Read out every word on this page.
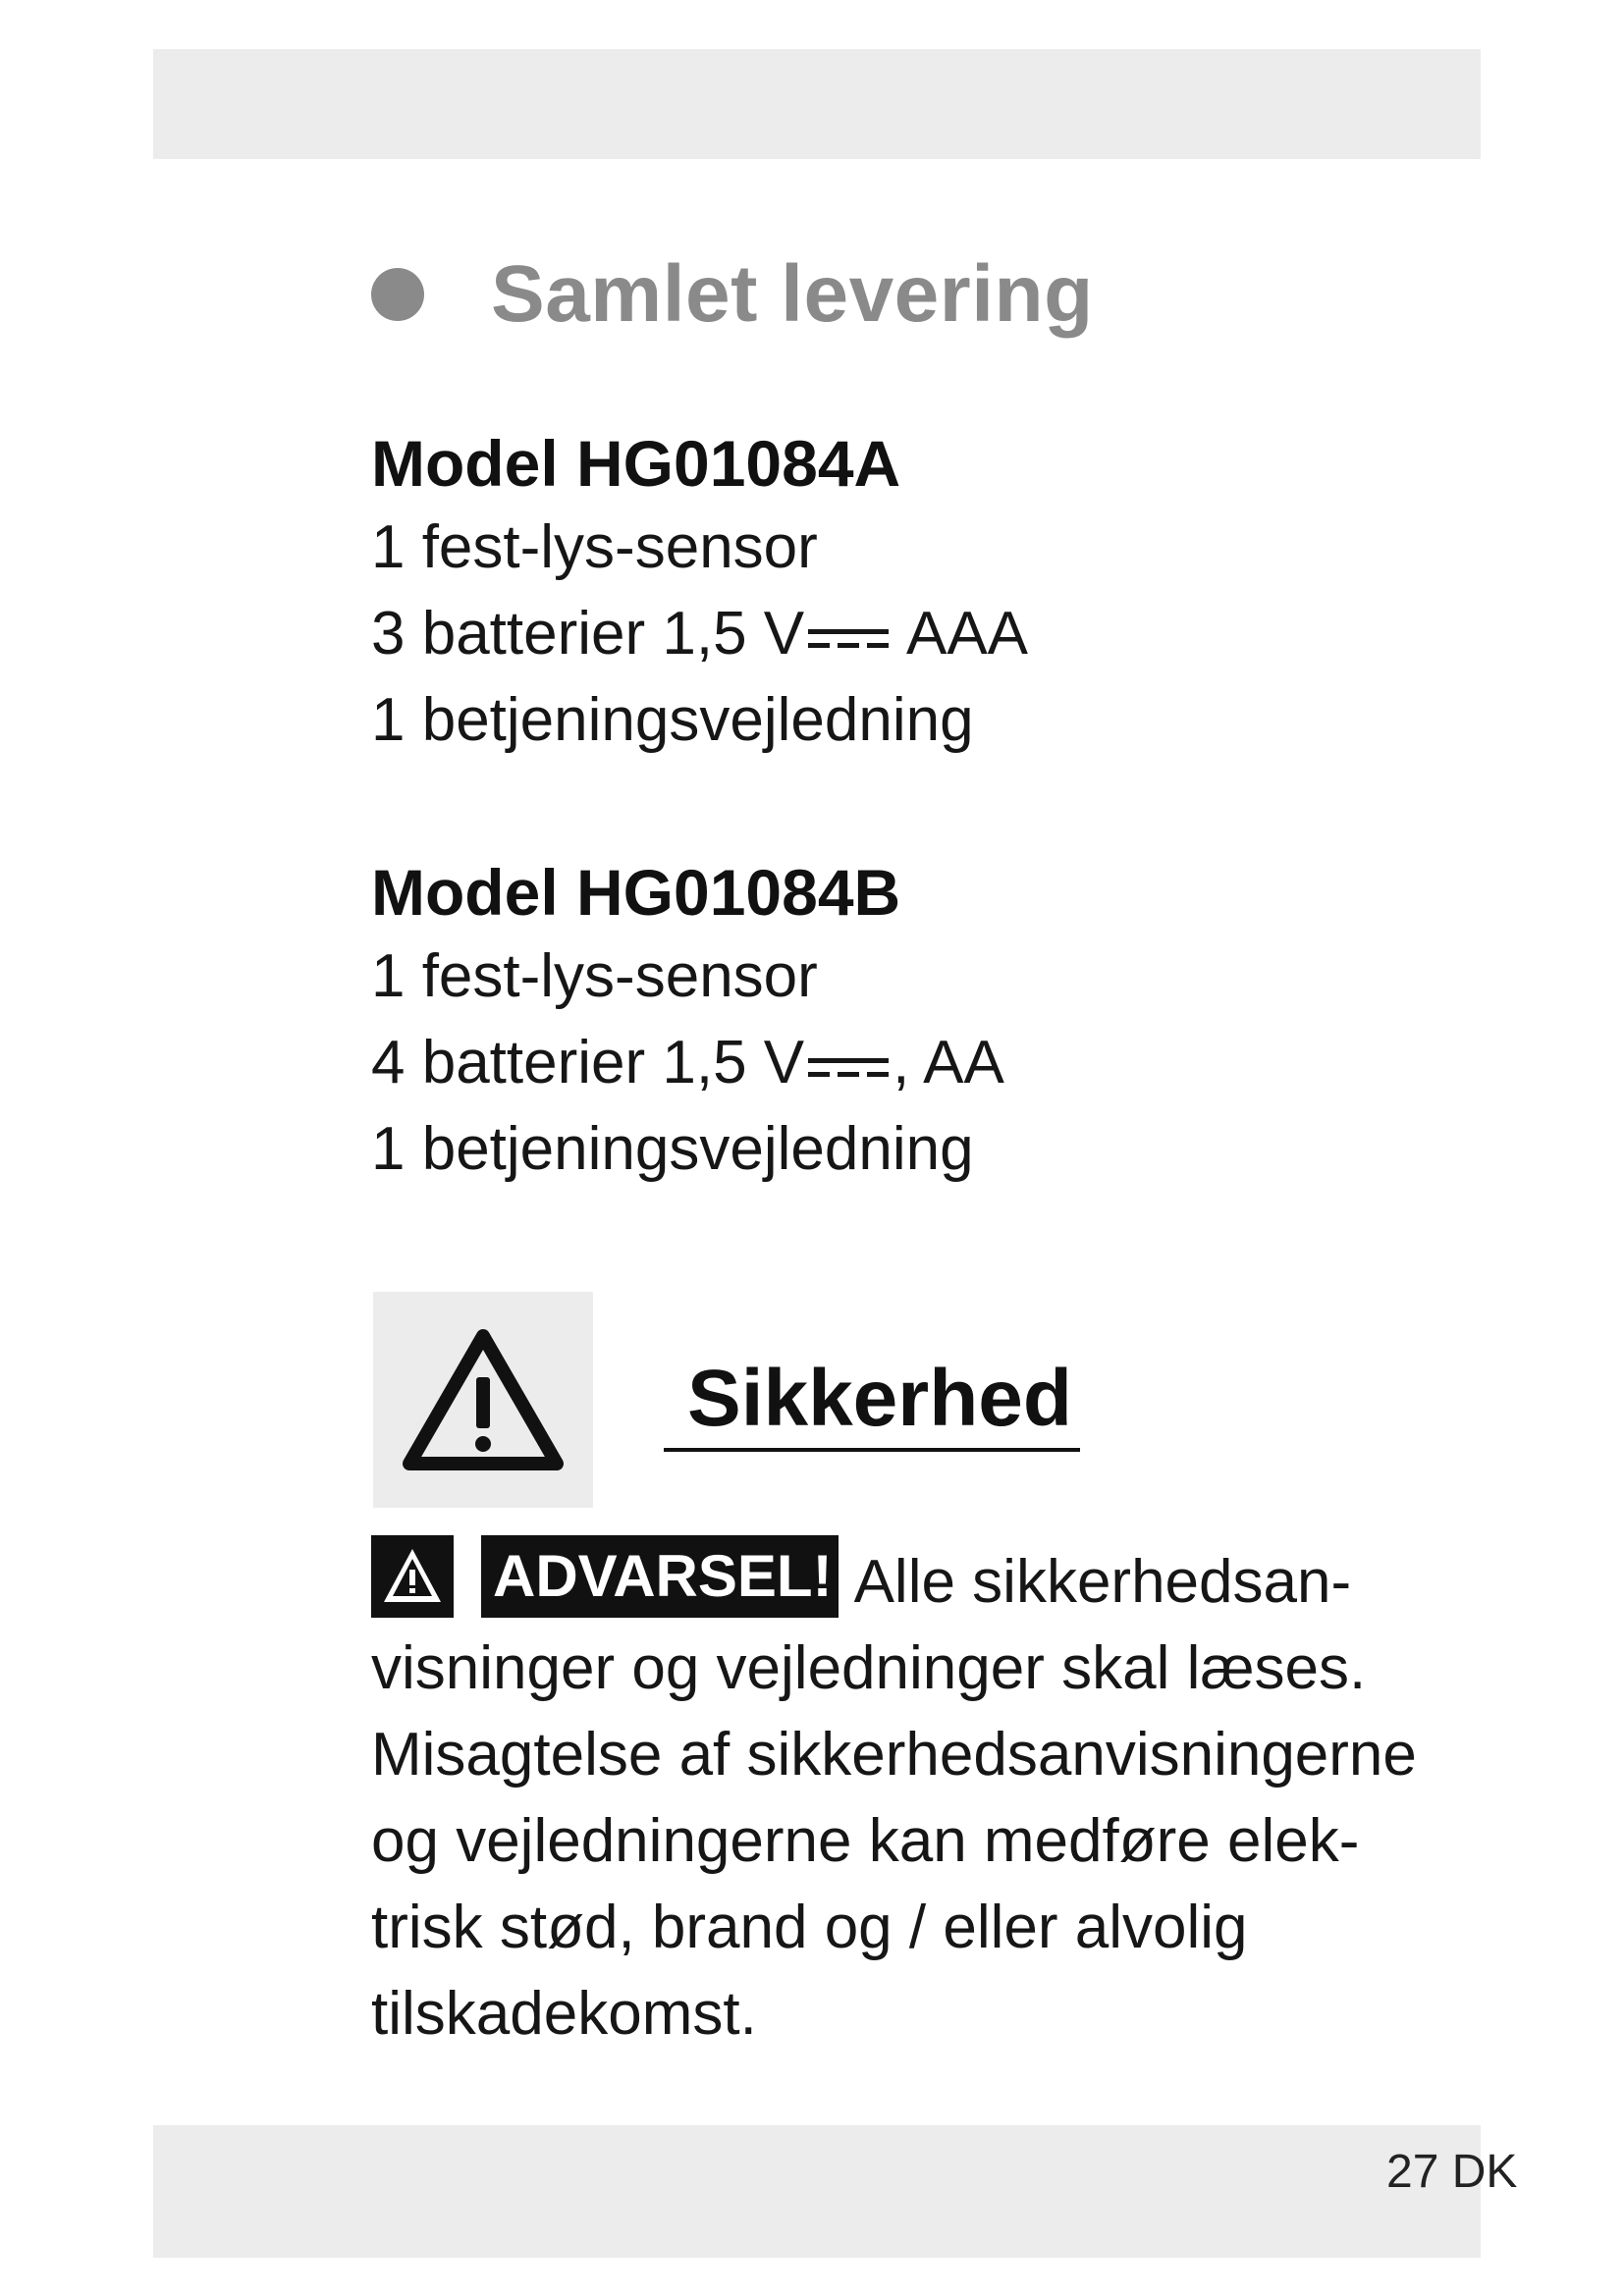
Samlet levering
Model HG01084A
1 fest-lys-sensor
3 batterier 1,5 V AAA
1 betjeningsvejledning
Model HG01084B
1 fest-lys-sensor
4 batterier 1,5 V , AA
1 betjeningsvejledning
Sikkerhed

ADVARSEL! Alle sikkerhedsan-

visninger og vejledninger skal læses.

Misagtelse af sikkerhedsanvisningerne

og vejledningerne kan medføre elek-

trisk stød, brand og / eller alvolig

tilskadekomst.

27 DK
